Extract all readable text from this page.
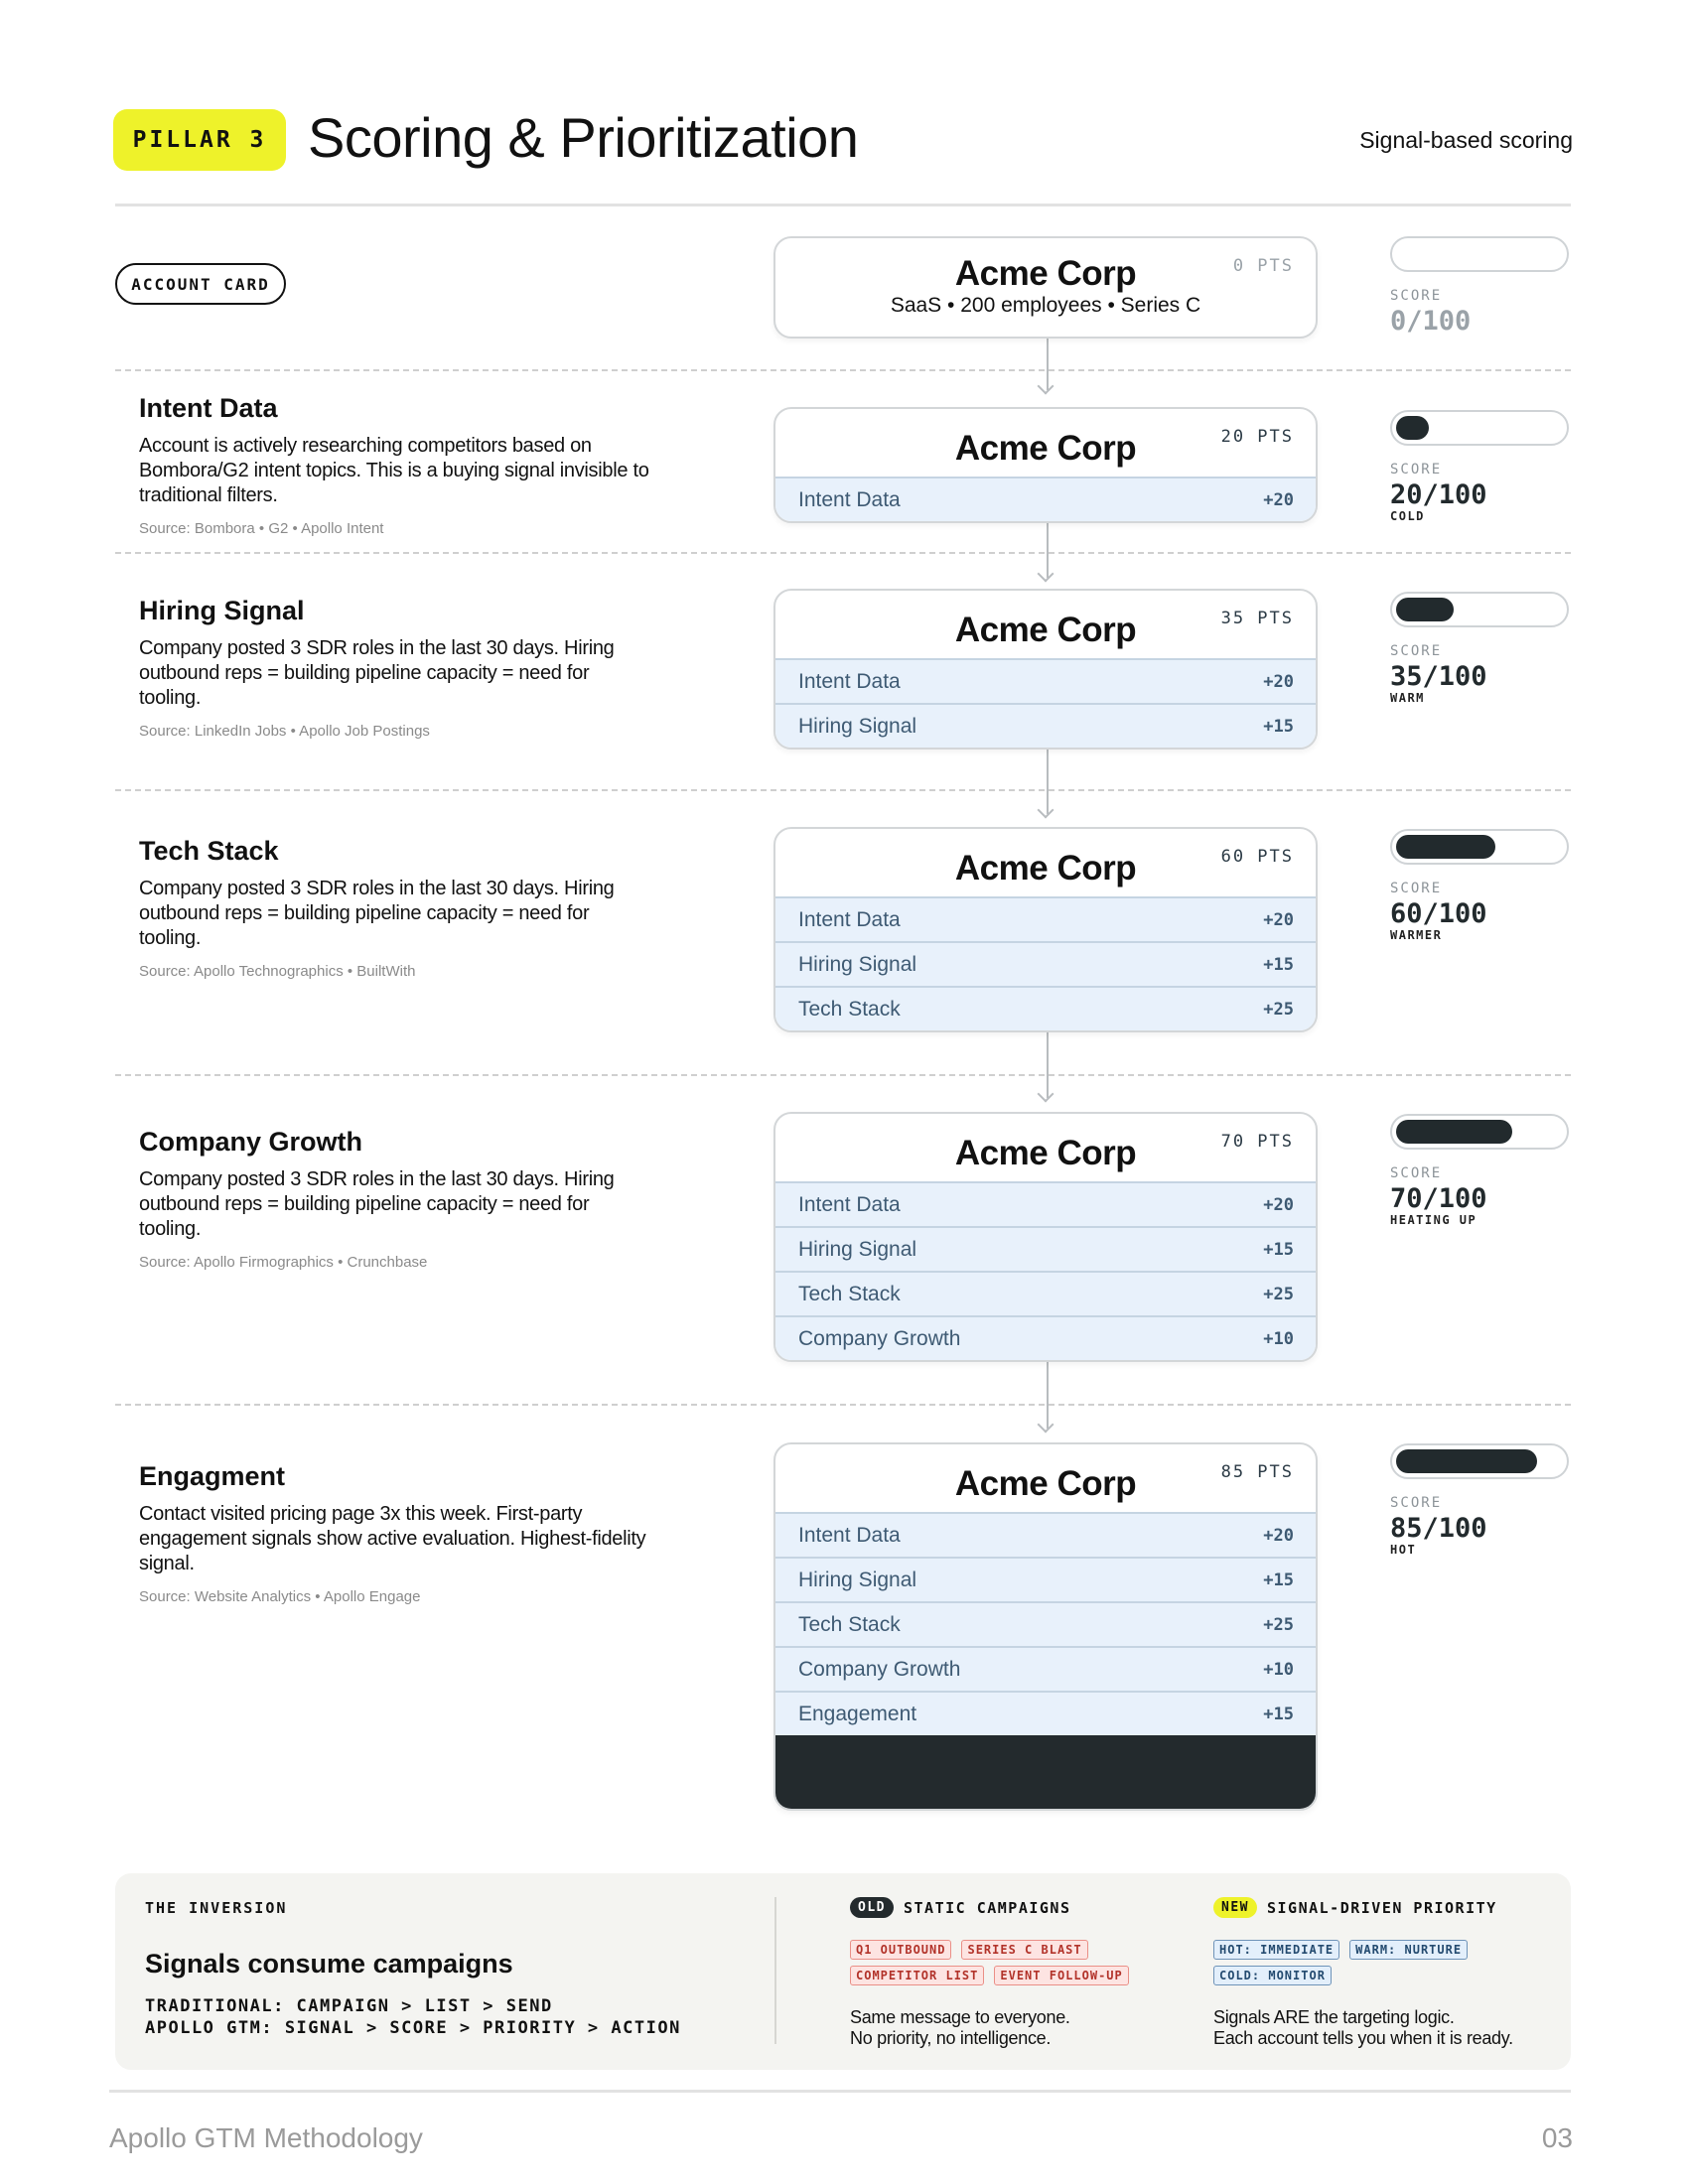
PILLAR 3 Scoring & Prioritization	Signal-based scoring
ACCOUNT CARD	Acme Corp	0 PTS
SaaS • 200 employees • Series C	SCORE
0/100
Intent Data

Account is actively researching competitors based on Bombora/G2 intent topics. This is a buying signal invisible to traditional filters.

Source: Bombora • G2 • Apollo Intent
Acme Corp	20 PTS
Intent Data	+20
SCORE
20/100
COLD
Hiring Signal

Company posted 3 SDR roles in the last 30 days. Hiring outbound reps = building pipeline capacity = need for tooling.

Source: LinkedIn Jobs • Apollo Job Postings
Acme Corp	35 PTS
Intent Data	+20
Hiring Signal	+15
SCORE
35/100
WARM
Tech Stack

Company posted 3 SDR roles in the last 30 days. Hiring outbound reps = building pipeline capacity = need for tooling.

Source: Apollo Technographics • BuiltWith
Acme Corp	60 PTS
Intent Data	+20
Hiring Signal	+15
Tech Stack	+25
SCORE
60/100
WARMER
Company Growth

Company posted 3 SDR roles in the last 30 days. Hiring outbound reps = building pipeline capacity = need for tooling.

Source: Apollo Firmographics • Crunchbase
Acme Corp	70 PTS
Intent Data	+20
Hiring Signal	+15
Tech Stack	+25
Company Growth	+10
SCORE
70/100
HEATING UP
Engagment

Contact visited pricing page 3x this week. First-party engagement signals show active evaluation. Highest-fidelity signal.

Source: Website Analytics • Apollo Engage
Acme Corp	85 PTS
Intent Data	+20
Hiring Signal	+15
Tech Stack	+25
Company Growth	+10
Engagement	+15
SCORE
85/100
HOT
THE INVERSION
Signals consume campaigns
TRADITIONAL: CAMPAIGN > LIST > SEND
APOLLO GTM: SIGNAL > SCORE > PRIORITY > ACTION
OLD	STATIC CAMPAIGNS
Q1 OUTBOUND	SERIES C BLAST
COMPETITOR LIST	EVENT FOLLOW-UP
Same message to everyone.
No priority, no intelligence.
NEW	SIGNAL-DRIVEN PRIORITY
HOT: IMMEDIATE	WARM: NURTURE
COLD: MONITOR
Signals ARE the targeting logic.
Each account tells you when it is ready.
Apollo GTM Methodology	03
